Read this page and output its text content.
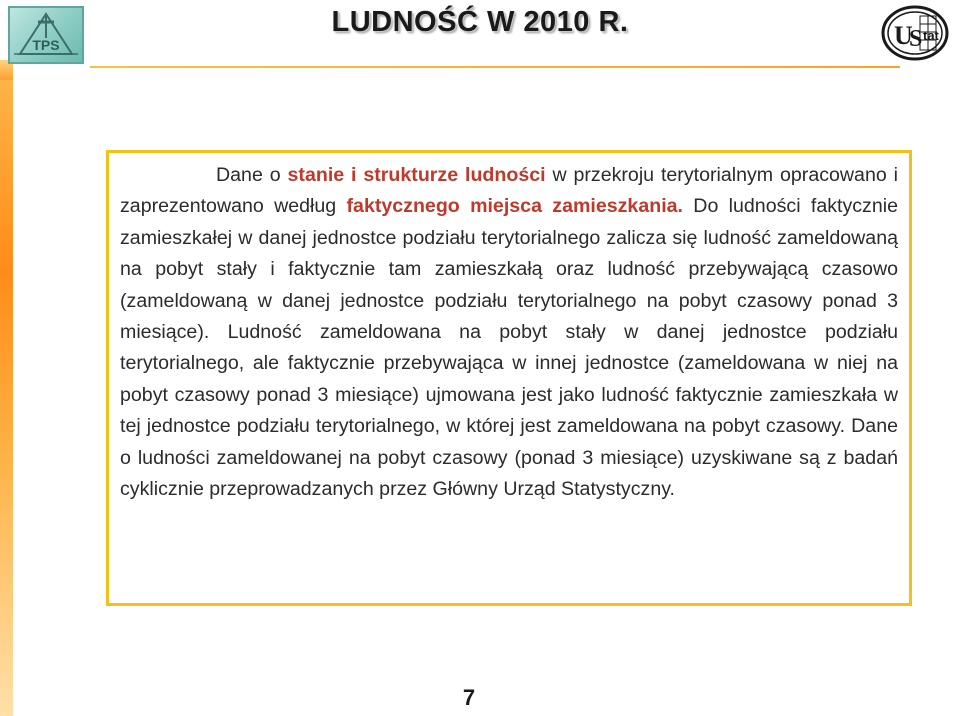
TPS
LUDNOŚĆ W 2010 R.	U
S tat

Dane o stanie i strukturze ludności w przekroju terytorialnym opracowano i zaprezentowano według faktycznego miejsca zamieszkania. Do ludności faktycznie zamieszkałej w danej jednostce podziału terytorialnego zalicza się ludność zameldowaną na pobyt stały i faktycznie tam zamieszkałą oraz ludność przebywającą czasowo (zameldowaną w danej jednostce podziału terytorialnego na pobyt czasowy ponad 3 miesiące). Ludność zameldowana na pobyt stały w danej jednostce podziału terytorialnego, ale faktycznie przebywająca w innej jednostce (zameldowana w niej na pobyt czasowy ponad 3 miesiące) ujmowana jest jako ludność faktycznie zamieszkała w tej jednostce podziału terytorialnego, w której jest zameldowana na pobyt czasowy. Dane o ludności zameldowanej na pobyt czasowy (ponad 3 miesiące) uzyskiwane są z badań cyklicznie przeprowadzanych przez Główny Urząd Statystyczny.

7
